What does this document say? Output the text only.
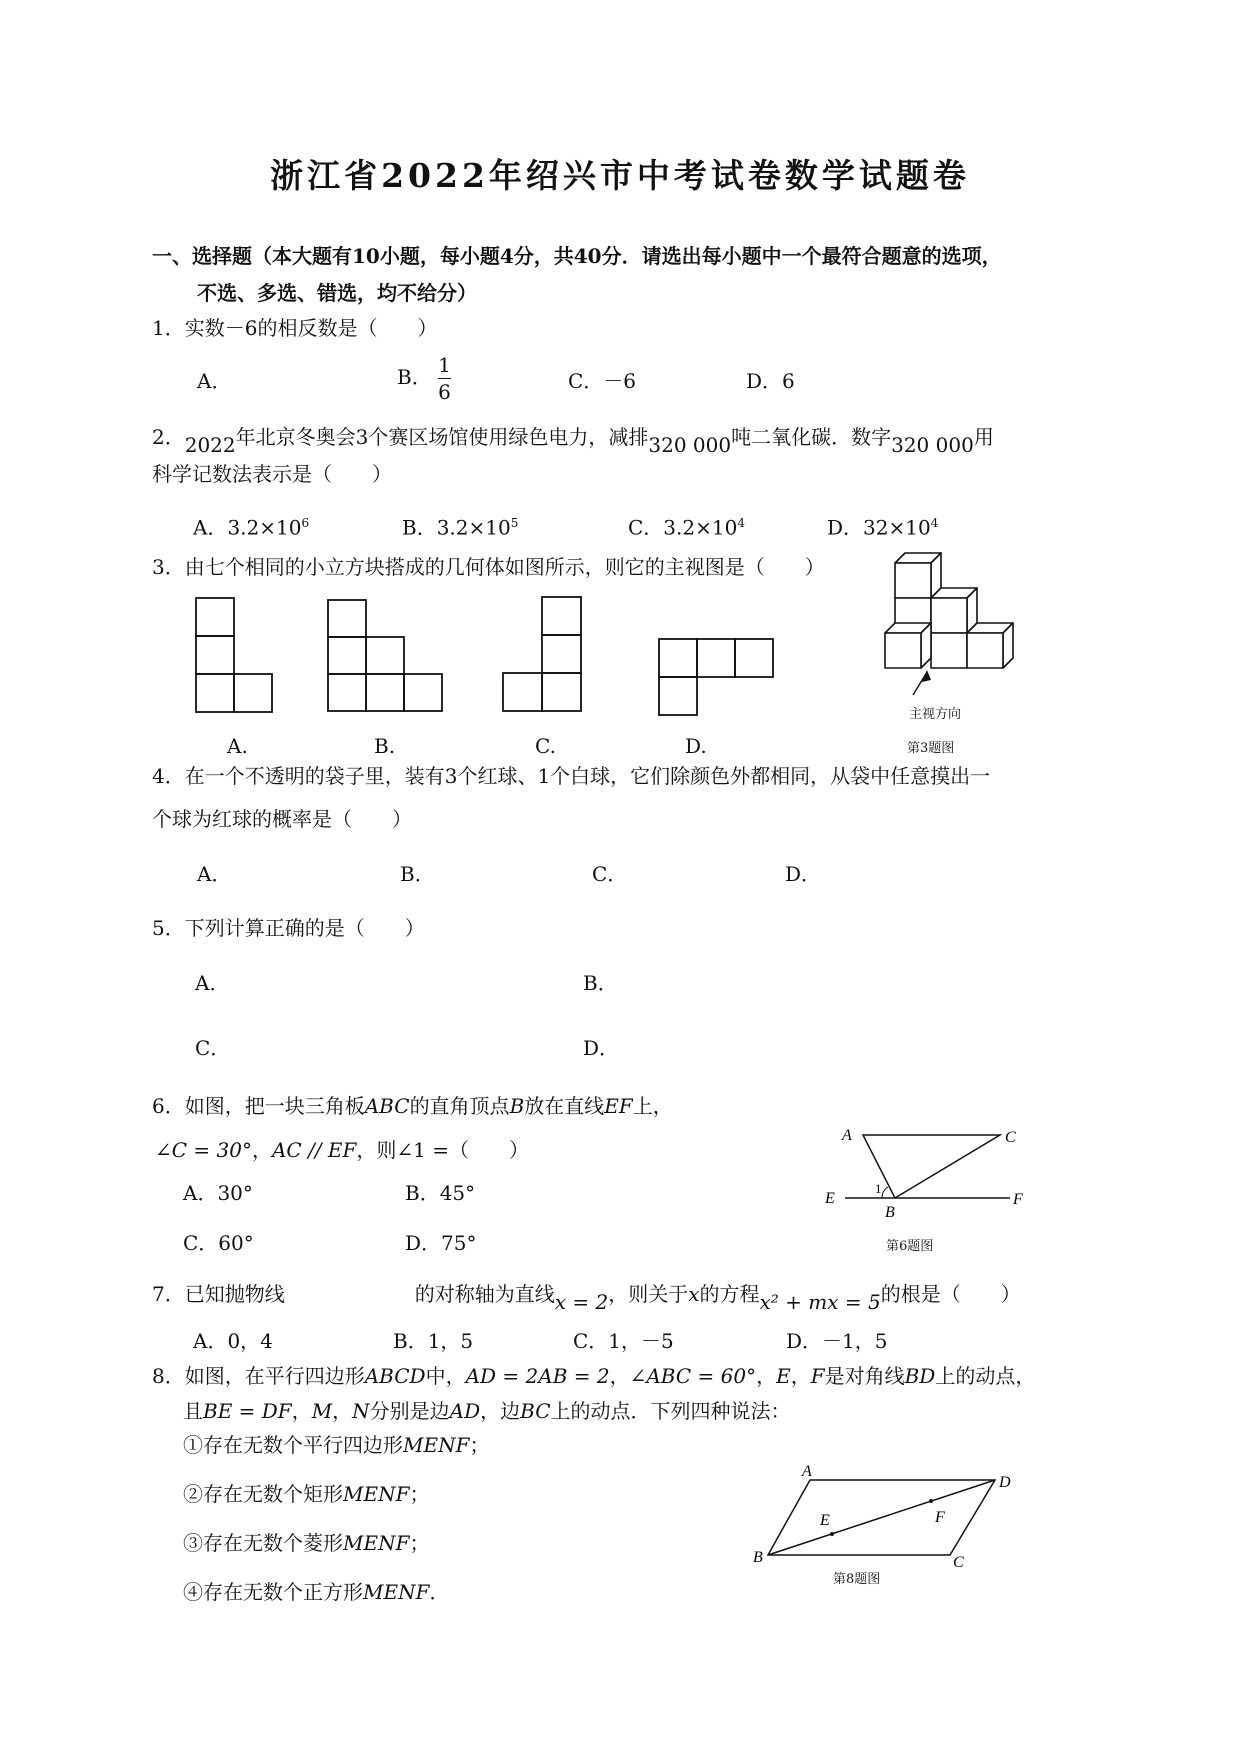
浙江省2022年绍兴市中考试卷数学试题卷
一、选择题（本大题有10小题，每小题4分，共40分．请选出每小题中一个最符合题意的选项，
不选、多选、错选，均不给分）
1．实数－6的相反数是（　　）
A．	B． $\frac{1}{6}$	C．－6	D．6
2．2022年北京冬奥会3个赛区场馆使用绿色电力，减排320 000吨二氧化碳．数字320 000用
科学记数法表示是（　　）
A．$3.2\times 10^6$	B．$3.2\times 10^5$	C．$3.2\times 10^4$	D．$32\times 10^4$
3．由七个相同的小立方块搭成的几何体如图所示，则它的主视图是（　　）
A.	B.	C.	D.
主视方向
第3题图
4．在一个不透明的袋子里，装有3个红球、1个白球，它们除颜色外都相同，从袋中任意摸出一
个球为红球的概率是（　　）
A．	B．	C．	D．
5．下列计算正确的是（　　）
A．	B．
C．	D．
6．如图，把一块三角板ABC的直角顶点B放在直线EF上，
∠C = 30°，AC // EF，则∠1 =（　　）
A．30°	B．45°
C．60°	D．75°
A	C
E	F
B
1
第6题图
7．已知抛物线	的对称轴为直线x = 2，则关于x的方程x² + mx = 5的根是（　　）
A．0，4	B．1，5	C．1，－5	D．－1，5
8．如图，在平行四边形ABCD中，AD = 2AB = 2，∠ABC = 60°，E，F是对角线BD上的动点，
且BE = DF，M，N分别是边AD，边BC上的动点．下列四种说法：
①存在无数个平行四边形MENF；
②存在无数个矩形MENF；
③存在无数个菱形MENF；
④存在无数个正方形MENF．
A
D
E	F
B	C
第8题图
